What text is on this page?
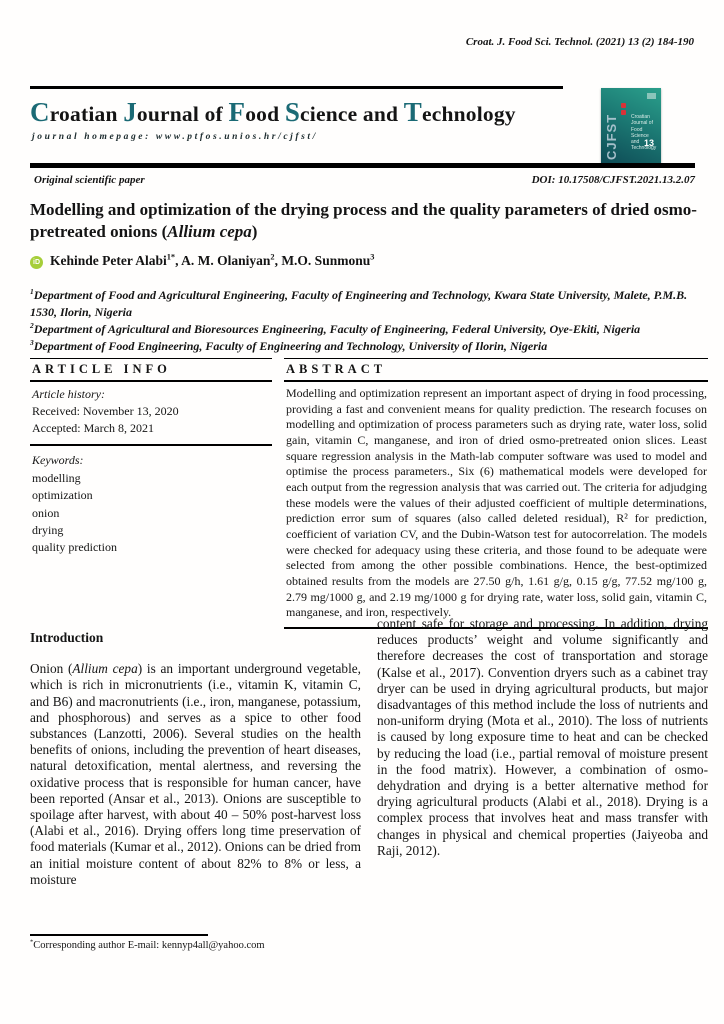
Croat. J. Food Sci. Technol. (2021) 13 (2) 184-190
Croatian Journal of Food Science and Technology
journal homepage: www.ptfos.unios.hr/cjfst/	CJFST Croatian Journal of Food Science and Technology
13
Original scientific paper	DOI: 10.17508/CJFST.2021.13.2.07
Modelling and optimization of the drying process and the quality parameters of dried osmo-pretreated onions (Allium cepa)
iD Kehinde Peter Alabi$^{1*}$, A. M. Olaniyan$^2$, M.O. Sunmonu$^3$

$^1$Department of Food and Agricultural Engineering, Faculty of Engineering and Technology, Kwara State University, Malete, P.M.B. 1530, Ilorin, Nigeria

$^2$Department of Agricultural and Bioresources Engineering, Faculty of Engineering, Federal University, Oye-Ekiti, Nigeria

$^3$Department of Food Engineering, Faculty of Engineering and Technology, University of Ilorin, Nigeria

ARTICLE INFO
Article history:
Received: November 13, 2020
Accepted: March 8, 2021
Keywords:
modelling
optimization
onion
drying
quality prediction
ABSTRACT
Modelling and optimization represent an important aspect of drying in food processing, providing a fast and convenient means for quality prediction. The research focuses on modelling and optimization of process parameters such as drying rate, water loss, solid gain, vitamin C, manganese, and iron of dried osmo-pretreated onion slices. Least square regression analysis in the Math-lab computer software was used to model and optimise the process parameters., Six (6) mathematical models were developed for each output from the regression analysis that was carried out. The criteria for adjudging these models were the values of their adjusted coefficient of multiple determinations, prediction error sum of squares (also called deleted residual), R² for prediction, coefficient of variation CV, and the Dubin-Watson test for autocorrelation. The models were checked for adequacy using these criteria, and those found to be adequate were selected from among the other possible combinations. Hence, the best-optimized obtained results from the models are 27.50 g/h, 1.61 g/g, 0.15 g/g, 77.52 mg/100 g, 2.79 mg/1000 g, and 2.19 mg/1000 g for drying rate, water loss, solid gain, vitamin C, manganese, and iron, respectively.
Introduction

Onion (Allium cepa) is an important underground vegetable, which is rich in micronutrients (i.e., vitamin K, vitamin C, and B6) and macronutrients (i.e., iron, manganese, potassium, and phosphorous) and serves as a spice to other food substances (Lanzotti, 2006). Several studies on the health benefits of onions, including the prevention of heart diseases, natural detoxification, mental alertness, and reversing the oxidative process that is responsible for human cancer, have been reported (Ansar et al., 2013). Onions are susceptible to spoilage after harvest, with about 40 – 50% post-harvest loss (Alabi et al., 2016). Drying offers long time preservation of food materials (Kumar et al., 2012). Onions can be dried from an initial moisture content of about 82% to 8% or less, a moisture

content safe for storage and processing. In addition, drying reduces products’ weight and volume significantly and therefore decreases the cost of transportation and storage (Kalse et al., 2017). Convention dryers such as a cabinet tray dryer can be used in drying agricultural products, but major disadvantages of this method include the loss of nutrients and non-uniform drying (Mota et al., 2010). The loss of nutrients is caused by long exposure time to heat and can be checked by reducing the load (i.e., partial removal of moisture present in the food matrix). However, a combination of osmo-dehydration and drying is a better alternative method for drying agricultural products (Alabi et al., 2018). Drying is a complex process that involves heat and mass transfer with changes in physical and chemical properties (Jaiyeoba and Raji, 2012).

*Corresponding author E-mail: kennyp4all@yahoo.com
